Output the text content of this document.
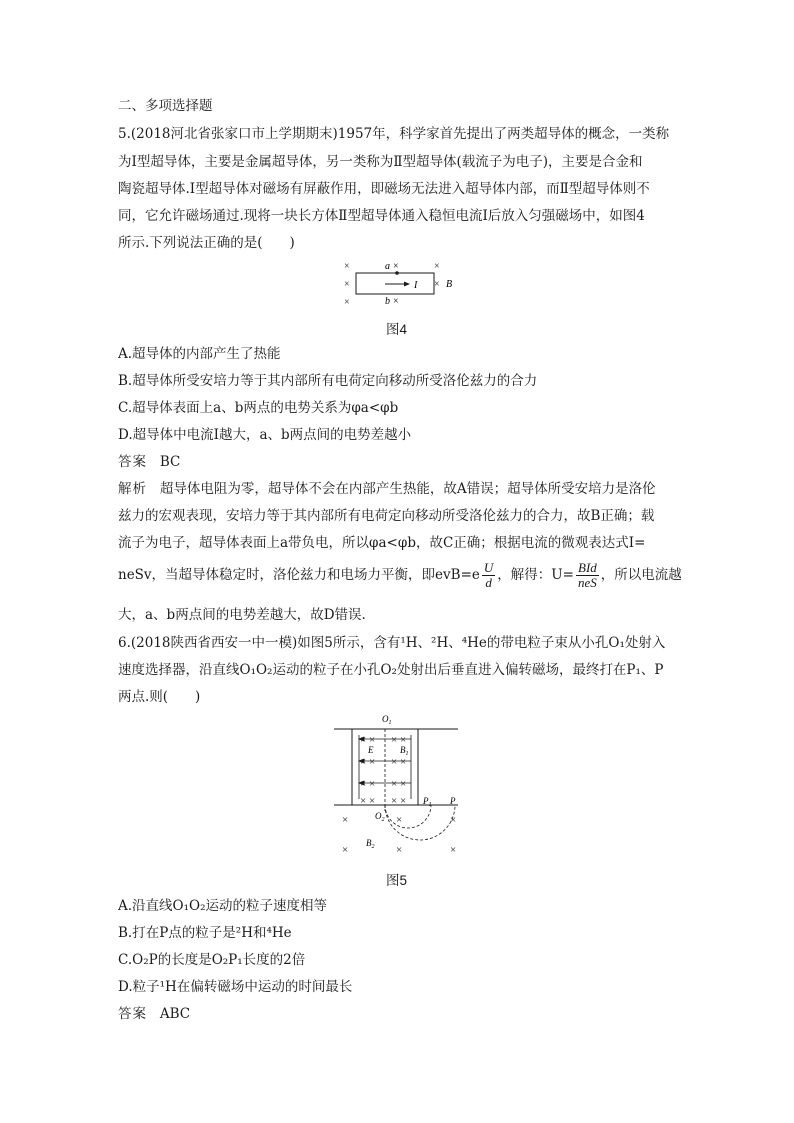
二、多项选择题
5.(2018河北省张家口市上学期期末)1957年，科学家首先提出了两类超导体的概念，一类称
为Ⅰ型超导体，主要是金属超导体，另一类称为Ⅱ型超导体(载流子为电子)，主要是合金和
陶瓷超导体.Ⅰ型超导体对磁场有屏蔽作用，即磁场无法进入超导体内部，而Ⅱ型超导体则不
同，它允许磁场通过.现将一块长方体Ⅱ型超导体通入稳恒电流I后放入匀强磁场中，如图4
所示.下列说法正确的是(　　)
×
×
×
×
×
a ×
b ×
I	B
图4
A.超导体的内部产生了热能
B.超导体所受安培力等于其内部所有电荷定向移动所受洛伦兹力的合力
C.超导体表面上a、b两点的电势关系为φa<φb
D.超导体中电流I越大，a、b两点间的电势差越小
答案 BC
解析 超导体电阻为零，超导体不会在内部产生热能，故A错误；超导体所受安培力是洛伦
兹力的宏观表现，安培力等于其内部所有电荷定向移动所受洛伦兹力的合力，故B正确；载
流子为电子，超导体表面上a带负电，所以φa<φb，故C正确；根据电流的微观表达式I=
neSv，当超导体稳定时，洛伦兹力和电场力平衡，即$evB=e \frac{U}{d}$ ，解得：$U= \frac{\text{BId}}{\text{neS}}$ ，所以电流越
大，a、b两点间的电势差越大，故D错误.
6.(2018陕西省西安一中一模)如图5所示，含有¹H、²H、⁴He的带电粒子束从小孔O₁处射入
速度选择器，沿直线O₁O₂运动的粒子在小孔O₂处射出后垂直进入偏转磁场，最终打在P₁、P
两点.则(　　)
$O_1$
× × × ×
× × × ×
× × × ×
× × × ×
×	×	×
×	×	×
E	$B_1$
$O_2$
$P_1$ P
$B_2$
图5
A.沿直线O₁O₂运动的粒子速度相等
B.打在P点的粒子是²H和⁴He
C.O₂P的长度是O₂P₁长度的2倍
D.粒子¹H在偏转磁场中运动的时间最长
答案 ABC
